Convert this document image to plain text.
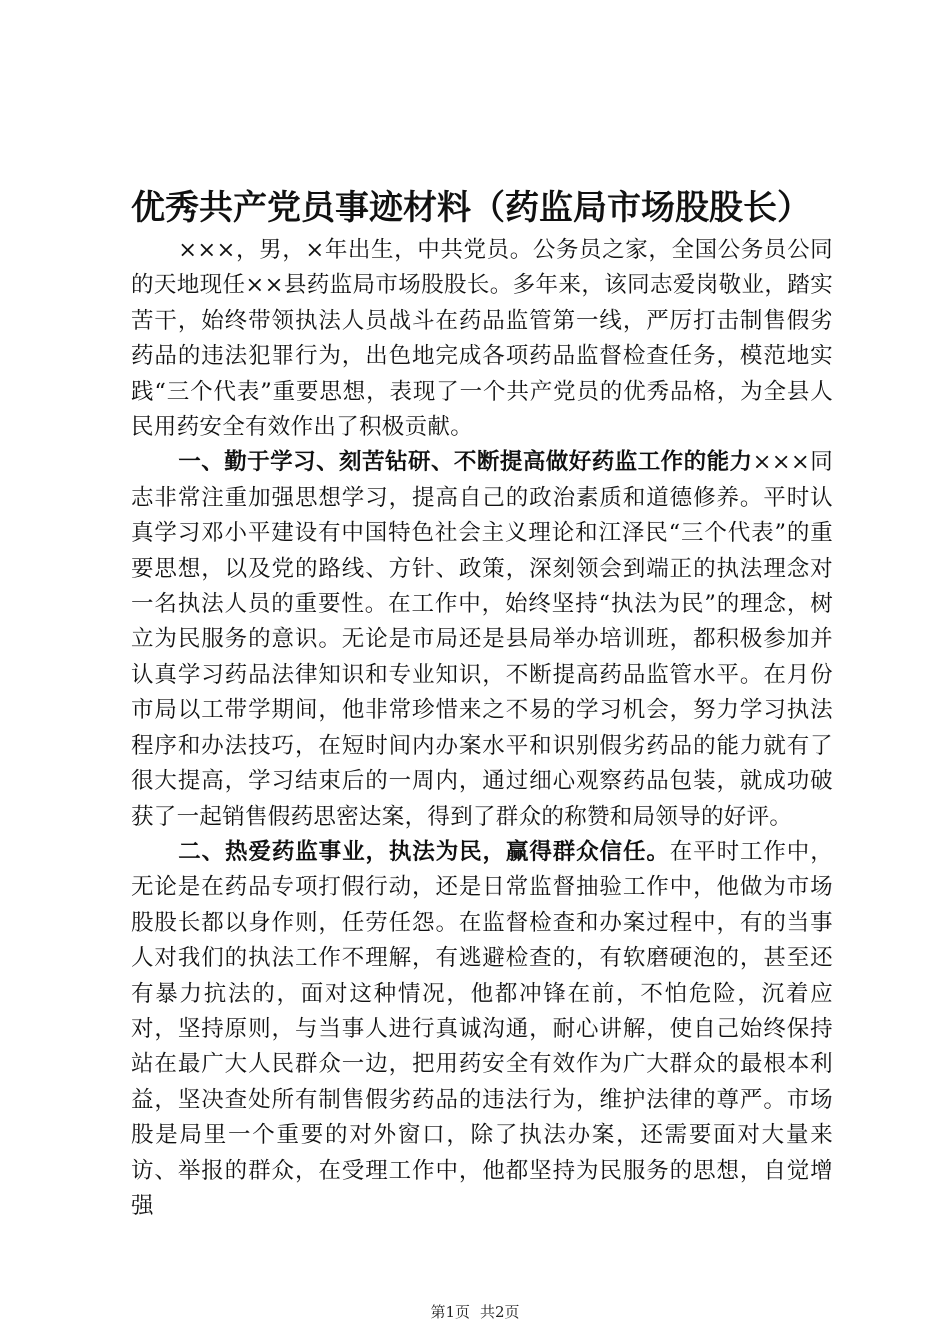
优秀共产党员事迹材料（药监局市场股股长）

×××，男，×年出生，中共党员。公务员之家，全国公务员公同的天地现任××县药监局市场股股长。多年来，该同志爱岗敬业，踏实苦干，始终带领执法人员战斗在药品监管第一线，严厉打击制售假劣药品的违法犯罪行为，出色地完成各项药品监督检查任务，模范地实践“三个代表”重要思想，表现了一个共产党员的优秀品格，为全县人民用药安全有效作出了积极贡献。

一、勤于学习、刻苦钻研、不断提高做好药监工作的能力×××同志非常注重加强思想学习，提高自己的政治素质和道德修养。平时认真学习邓小平建设有中国特色社会主义理论和江泽民“三个代表”的重要思想，以及党的路线、方针、政策，深刻领会到端正的执法理念对一名执法人员的重要性。在工作中，始终坚持“执法为民”的理念，树立为民服务的意识。无论是市局还是县局举办培训班，都积极参加并认真学习药品法律知识和专业知识，不断提高药品监管水平。在月份市局以工带学期间，他非常珍惜来之不易的学习机会，努力学习执法程序和办法技巧，在短时间内办案水平和识别假劣药品的能力就有了很大提高，学习结束后的一周内，通过细心观察药品包装，就成功破获了一起销售假药思密达案，得到了群众的称赞和局领导的好评。

二、热爱药监事业，执法为民，赢得群众信任。在平时工作中，无论是在药品专项打假行动，还是日常监督抽验工作中，他做为市场股股长都以身作则，任劳任怨。在监督检查和办案过程中，有的当事人对我们的执法工作不理解，有逃避检查的，有软磨硬泡的，甚至还有暴力抗法的，面对这种情况，他都冲锋在前，不怕危险，沉着应对，坚持原则，与当事人进行真诚沟通，耐心讲解，使自己始终保持站在最广大人民群众一边，把用药安全有效作为广大群众的最根本利益，坚决查处所有制售假劣药品的违法行为，维护法律的尊严。市场股是局里一个重要的对外窗口，除了执法办案，还需要面对大量来访、举报的群众，在受理工作中，他都坚持为民服务的思想，自觉增强

第1页 共2页
